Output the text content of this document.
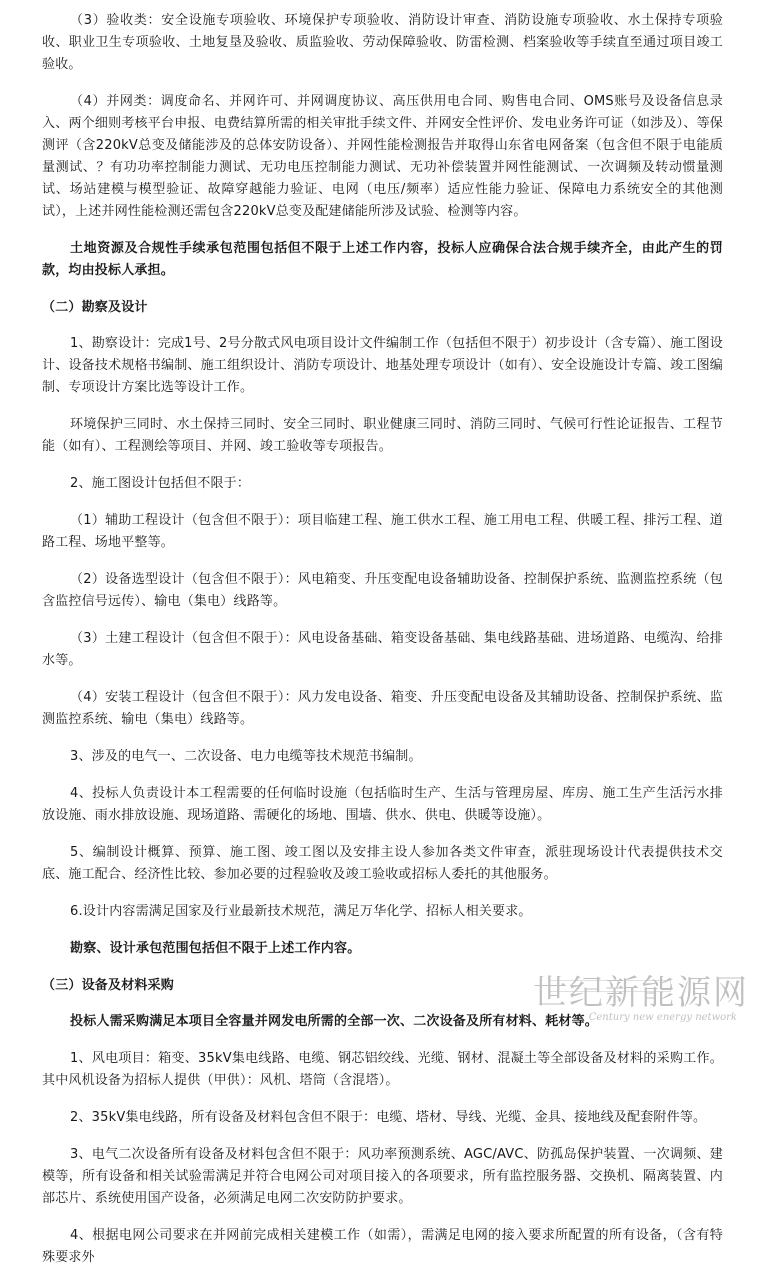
（3）验收类：安全设施专项验收、环境保护专项验收、消防设计审查、消防设施专项验收、水土保持专项验收、职业卫生专项验收、土地复垦及验收、质监验收、劳动保障验收、防雷检测、档案验收等手续直至通过项目竣工验收。

（4）并网类：调度命名、并网许可、并网调度协议、高压供用电合同、购售电合同、OMS账号及设备信息录入、两个细则考核平台申报、电费结算所需的相关审批手续文件、并网安全性评价、发电业务许可证（如涉及）、等保测评（含220kV总变及储能涉及的总体安防设备）、并网性能检测报告并取得山东省电网备案（包含但不限于电能质量测试、？有功功率控制能力测试、无功电压控制能力测试、无功补偿装置并网性能测试、一次调频及转动惯量测试、场站建模与模型验证、故障穿越能力验证、电网（电压/频率）适应性能力验证、保障电力系统安全的其他测试），上述并网性能检测还需包含220kV总变及配建储能所涉及试验、检测等内容。

土地资源及合规性手续承包范围包括但不限于上述工作内容，投标人应确保合法合规手续齐全，由此产生的罚款，均由投标人承担。

（二）勘察及设计

1、勘察设计：完成1号、2号分散式风电项目设计文件编制工作（包括但不限于）初步设计（含专篇）、施工图设计、设备技术规格书编制、施工组织设计、消防专项设计、地基处理专项设计（如有）、安全设施设计专篇、竣工图编制、专项设计方案比选等设计工作。

环境保护三同时、水土保持三同时、安全三同时、职业健康三同时、消防三同时、气候可行性论证报告、工程节能（如有）、工程测绘等项目、并网、竣工验收等专项报告。

2、施工图设计包括但不限于：

（1）辅助工程设计（包含但不限于）：项目临建工程、施工供水工程、施工用电工程、供暖工程、排污工程、道路工程、场地平整等。

（2）设备选型设计（包含但不限于）：风电箱变、升压变配电设备辅助设备、控制保护系统、监测监控系统（包含监控信号远传）、输电（集电）线路等。

（3）土建工程设计（包含但不限于）：风电设备基础、箱变设备基础、集电线路基础、进场道路、电缆沟、给排水等。

（4）安装工程设计（包含但不限于）：风力发电设备、箱变、升压变配电设备及其辅助设备、控制保护系统、监测监控系统、输电（集电）线路等。

3、涉及的电气一、二次设备、电力电缆等技术规范书编制。

4、投标人负责设计本工程需要的任何临时设施（包括临时生产、生活与管理房屋、库房、施工生产生活污水排放设施、雨水排放设施、现场道路、需硬化的场地、围墙、供水、供电、供暖等设施）。

5、编制设计概算、预算、施工图、竣工图以及安排主设人参加各类文件审查，派驻现场设计代表提供技术交底、施工配合、经济性比较、参加必要的过程验收及竣工验收或招标人委托的其他服务。

6.设计内容需满足国家及行业最新技术规范，满足万华化学、招标人相关要求。

勘察、设计承包范围包括但不限于上述工作内容。

（三）设备及材料采购

投标人需采购满足本项目全容量并网发电所需的全部一次、二次设备及所有材料、耗材等。

1、风电项目：箱变、35kV集电线路、电缆、钢芯铝绞线、光缆、钢材、混凝土等全部设备及材料的采购工作。其中风机设备为招标人提供（甲供）：风机、塔筒（含混塔）。

2、35kV集电线路，所有设备及材料包含但不限于：电缆、塔材、导线、光缆、金具、接地线及配套附件等。

3、电气二次设备所有设备及材料包含但不限于：风功率预测系统、AGC/AVC、防孤岛保护装置、一次调频、建模等，所有设备和相关试验需满足并符合电网公司对项目接入的各项要求，所有监控服务器、交换机、隔离装置、内部芯片、系统使用国产设备，必须满足电网二次安防防护要求。

4、根据电网公司要求在并网前完成相关建模工作（如需），需满足电网的接入要求所配置的所有设备，（含有特殊要求外

世纪新能源网
Century new energy network
